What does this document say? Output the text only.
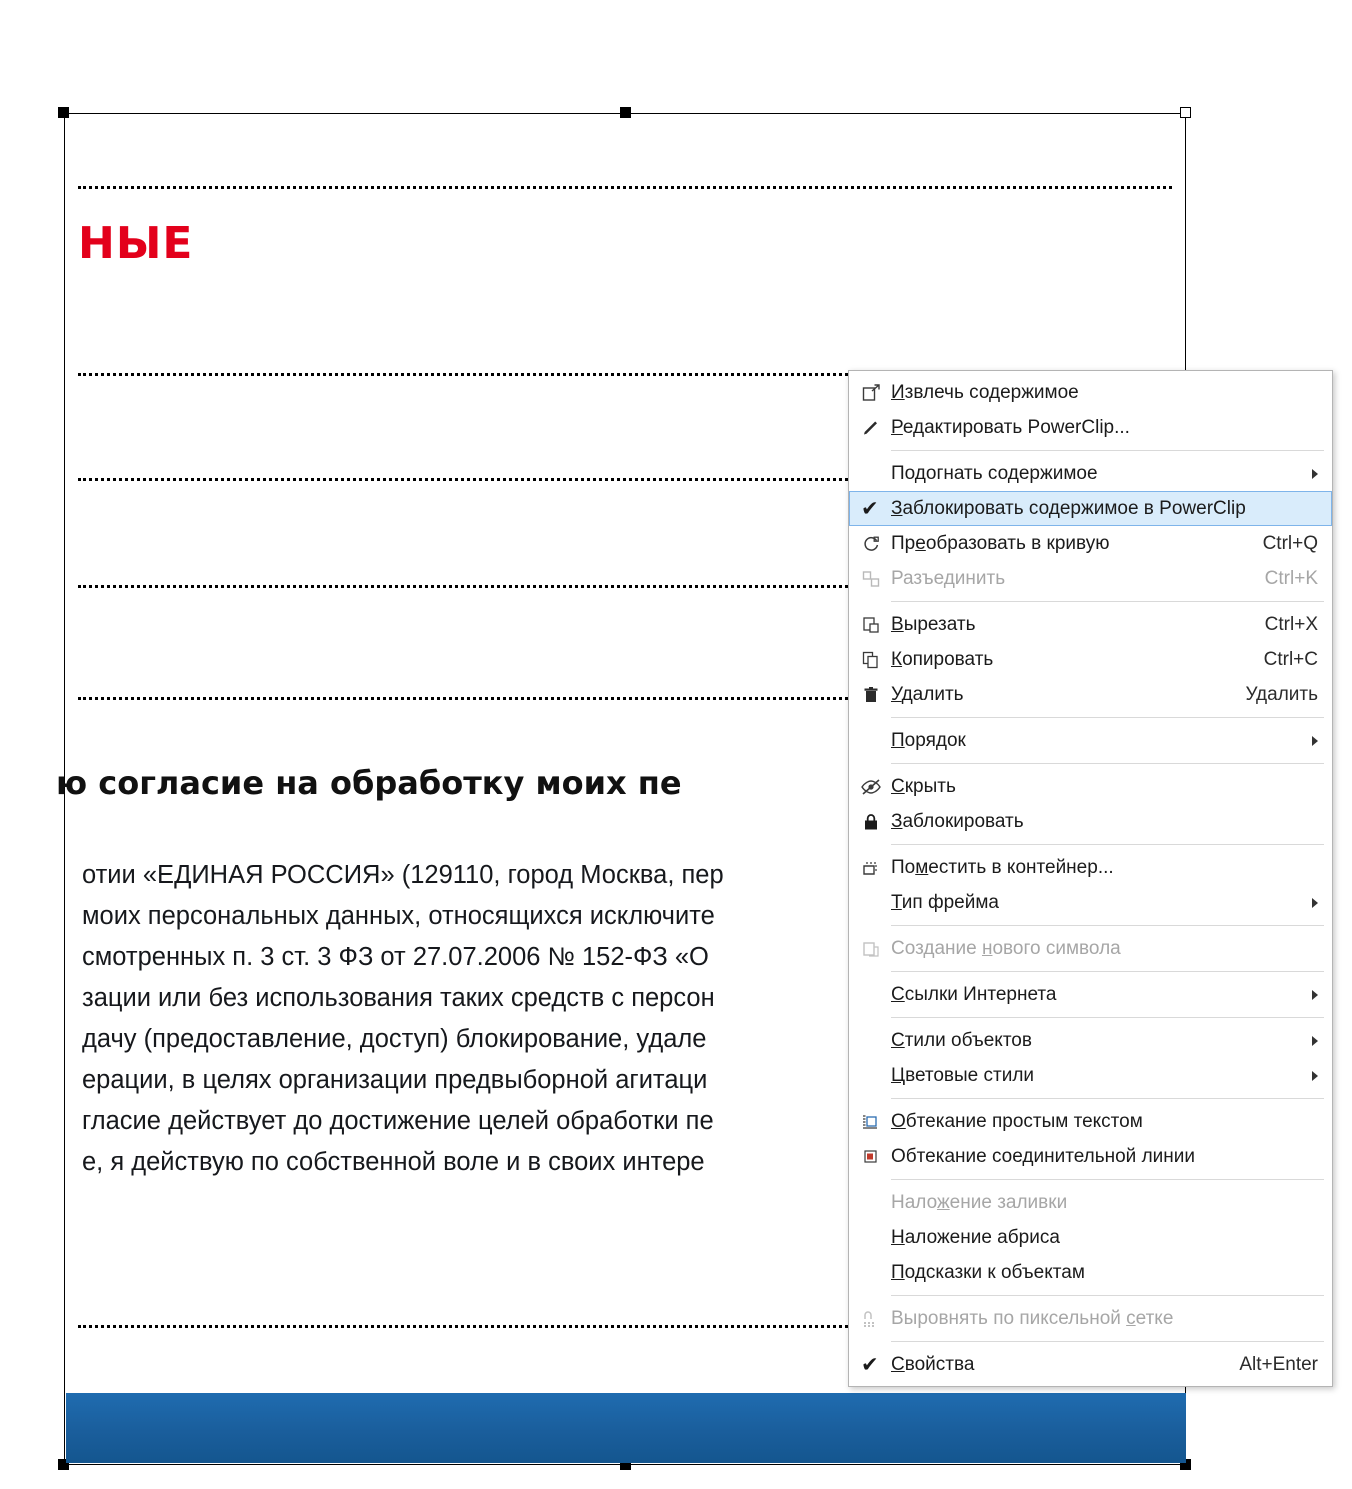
НЫЕ
ю согласие на обработку моих пе
отии «ЕДИНАЯ РОССИЯ» (129110, город Москва, пер
моих персональных данных, относящихся исключите
смотренных п. 3 ст. 3 ФЗ от 27.07.2006 № 152-ФЗ «О
зации или без использования таких средств с персон
дачу (предоставление, доступ) блокирование, удале
ерации, в целях организации предвыборной агитаци
гласие действует до достижение целей обработки пе
е, я действую по собственной воле и в своих интере
Извлечь содержимое
Редактировать PowerClip...
Подогнать содержимое
✔ Заблокировать содержимое в PowerClip
Преобразовать в кривую	Ctrl+Q
Разъединить	Ctrl+K
Вырезать	Ctrl+X
Копировать	Ctrl+C
Удалить	Удалить
Порядок
Скрыть
Заблокировать
Поместить в контейнер...
Тип фрейма
Создание нового символа
Ссылки Интернета
Стили объектов
Цветовые стили
Обтекание простым текстом
Обтекание соединительной линии
Наложение заливки
Наложение абриса
Подсказки к объектам
Выровнять по пиксельной сетке
✔ Свойства	Alt+Enter
